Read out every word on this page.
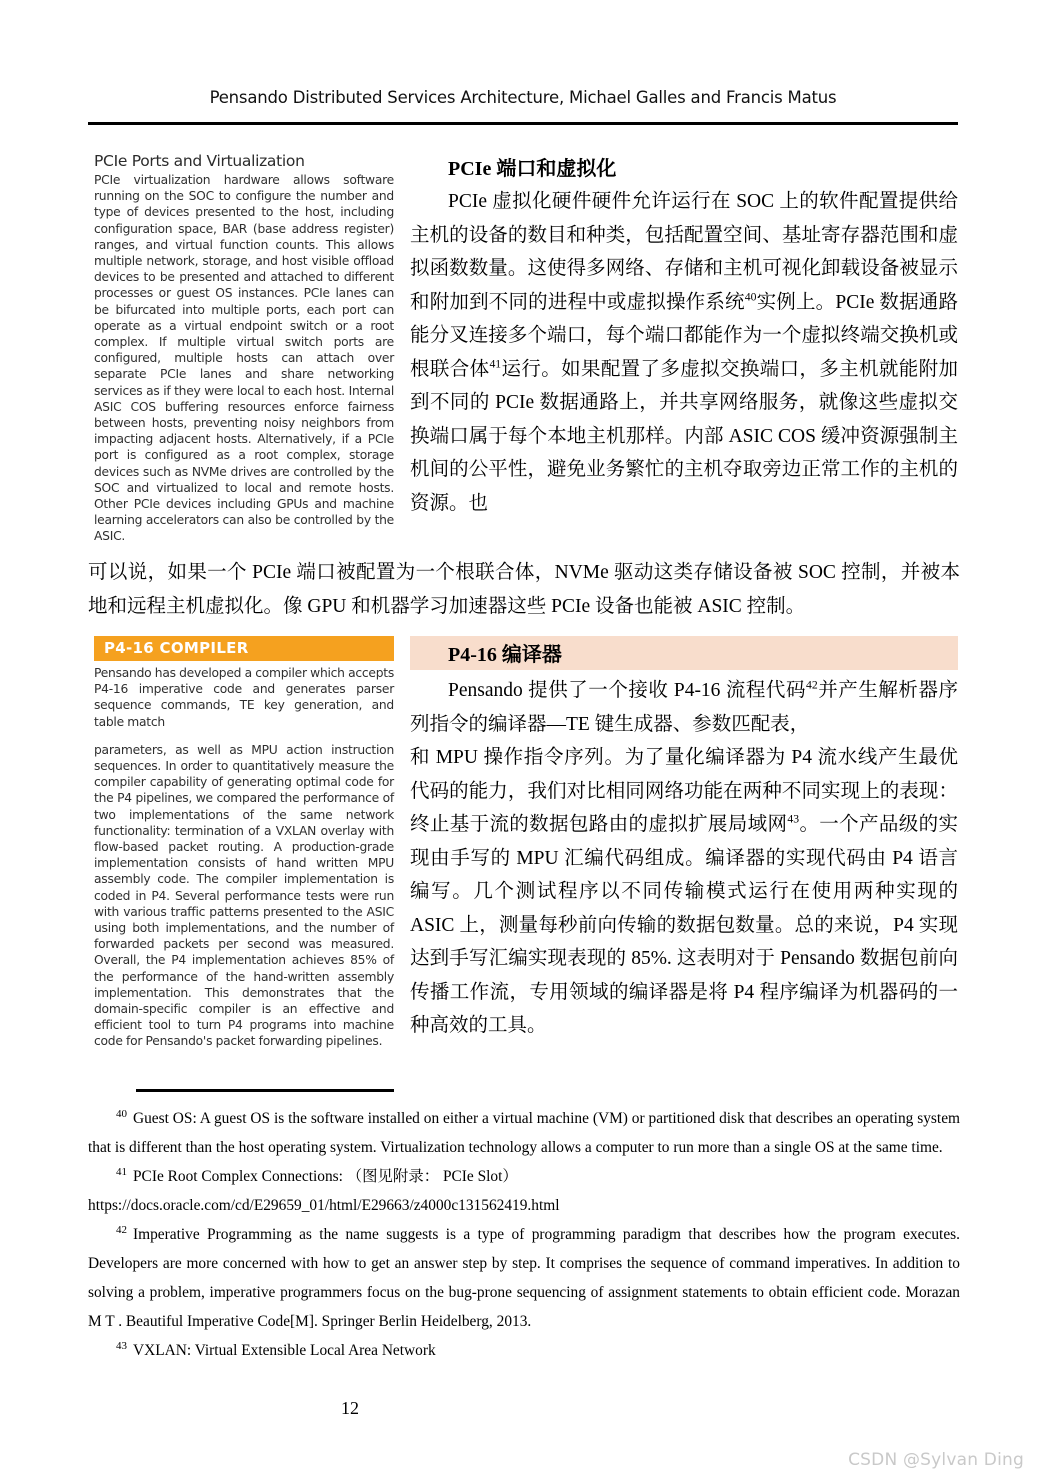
Pensando Distributed Services Architecture, Michael Galles and Francis Matus
PCIe Ports and Virtualization

PCIe virtualization hardware allows software running on the SOC to configure the number and type of devices presented to the host, including configuration space, BAR (base address register) ranges, and virtual function counts. This allows multiple network, storage, and host visible offload devices to be presented and attached to different processes or guest OS instances. PCIe lanes can be bifurcated into multiple ports, each port can operate as a virtual endpoint switch or a root complex. If multiple virtual switch ports are configured, multiple hosts can attach over separate PCIe lanes and share networking services as if they were local to each host. Internal ASIC COS buffering resources enforce fairness between hosts, preventing noisy neighbors from impacting adjacent hosts. Alternatively, if a PCIe port is configured as a root complex, storage devices such as NVMe drives are controlled by the SOC and virtualized to local and remote hosts. Other PCIe devices including GPUs and machine learning accelerators can also be controlled by the ASIC.

PCIe 端口和虚拟化

PCIe 虚拟化硬件硬件允许运行在 SOC 上的软件配置提供给主机的设备的数目和种类，包括配置空间、基址寄存器范围和虚拟函数数量。这使得多网络、存储和主机可视化卸载设备被显示和附加到不同的进程中或虚拟操作系统$^{40}$实例上。PCIe 数据通路能分叉连接多个端口，每个端口都能作为一个虚拟终端交换机或根联合体$^{41}$运行。如果配置了多虚拟交换端口，多主机就能附加到不同的 PCIe 数据通路上，并共享网络服务，就像这些虚拟交换端口属于每个本地主机那样。内部 ASIC COS 缓冲资源强制主机间的公平性，避免业务繁忙的主机夺取旁边正常工作的主机的资源。也

可以说，如果一个 PCIe 端口被配置为一个根联合体，NVMe 驱动这类存储设备被 SOC 控制，并被本地和远程主机虚拟化。像 GPU 和机器学习加速器这些 PCIe 设备也能被 ASIC 控制。

P4-16 COMPILER

Pensando has developed a compiler which accepts P4-16 imperative code and generates parser sequence commands, TE key generation, and table match

parameters, as well as MPU action instruction sequences. In order to quantitatively measure the compiler capability of generating optimal code for the P4 pipelines, we compared the performance of two implementations of the same network functionality: termination of a VXLAN overlay with flow-based packet routing. A production-grade implementation consists of hand written MPU assembly code. The compiler implementation is coded in P4. Several performance tests were run with various traffic patterns presented to the ASIC using both implementations, and the number of forwarded packets per second was measured. Overall, the P4 implementation achieves 85% of the performance of the hand-written assembly implementation. This demonstrates that the domain-specific compiler is an effective and efficient tool to turn P4 programs into machine code for Pensando's packet forwarding pipelines.

P4-16 编译器

Pensando 提供了一个接收 P4-16 流程代码$^{42}$并产生解析器序列指令的编译器—TE 键生成器、参数匹配表，

和 MPU 操作指令序列。为了量化编译器为 P4 流水线产生最优代码的能力，我们对比相同网络功能在两种不同实现上的表现：终止基于流的数据包路由的虚拟扩展局域网$^{43}$。一个产品级的实现由手写的 MPU 汇编代码组成。编译器的实现代码由 P4 语言编写。几个测试程序以不同传输模式运行在使用两种实现的 ASIC 上，测量每秒前向传输的数据包数量。总的来说，P4 实现达到手写汇编实现表现的 85%. 这表明对于 Pensando 数据包前向传播工作流，专用领域的编译器是将 P4 程序编译为机器码的一种高效的工具。

$^{40}$ Guest OS: A guest OS is the software installed on either a virtual machine (VM) or partitioned disk that describes an operating system that is different than the host operating system. Virtualization technology allows a computer to run more than a single OS at the same time.

$^{41}$ PCIe Root Complex Connections: （图见附录： PCIe Slot）

https://docs.oracle.com/cd/E29659_01/html/E29663/z4000c131562419.html

$^{42}$ Imperative Programming as the name suggests is a type of programming paradigm that describes how the program executes. Developers are more concerned with how to get an answer step by step. It comprises the sequence of command imperatives. In addition to solving a problem, imperative programmers focus on the bug-prone sequencing of assignment statements to obtain efficient code. Morazan M T . Beautiful Imperative Code[M]. Springer Berlin Heidelberg, 2013.

$^{43}$ VXLAN: Virtual Extensible Local Area Network

12
CSDN @Sylvan Ding
